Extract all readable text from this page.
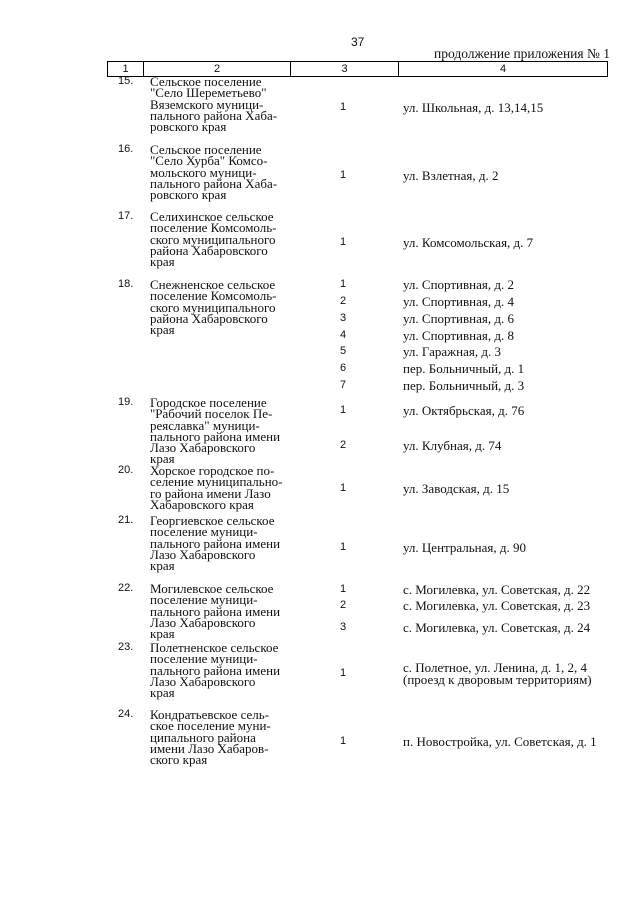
37
продолжение приложения № 1
1	2	3	4
15. Сельское поселение
"Село Шереметьево"
Вяземского муници-
пального района Хаба-
ровского края
1	ул. Школьная, д. 13,14,15
16. Сельское поселение
"Село Хурба" Комсо-
мольского муници-
пального района Хаба-
ровского края
1	ул. Взлетная, д. 2
17. Селихинское сельское
поселение Комсомоль-
ского муниципального
района Хабаровского
края
1	ул. Комсомольская, д. 7
18. Снежненское сельское
поселение Комсомоль-
ского муниципального
района Хабаровского
края
1	ул. Спортивная, д. 2
2	ул. Спортивная, д. 4
3	ул. Спортивная, д. 6
4	ул. Спортивная, д. 8
5	ул. Гаражная, д. 3
6	пер. Больничный, д. 1
7	пер. Больничный, д. 3
19. Городское поселение
"Рабочий поселок Пе-
реяславка" муници-
пального района имени
Лазо Хабаровского
края
1	ул. Октябрьская, д. 76
2	ул. Клубная, д. 74
20. Хорское городское по-
селение муниципально-
го района имени Лазо
Хабаровского края
1	ул. Заводская, д. 15
21. Георгиевское сельское
поселение муници-
пального района имени
Лазо Хабаровского
края
1	ул. Центральная, д. 90
22. Могилевское сельское
поселение муници-
пального района имени
Лазо Хабаровского
края
1	с. Могилевка, ул. Советская, д. 22
2	с. Могилевка, ул. Советская, д. 23
3	с. Могилевка, ул. Советская, д. 24
23. Полетненское сельское
поселение муници-
пального района имени
Лазо Хабаровского
края
1	с. Полетное, ул. Ленина, д. 1, 2, 4
(проезд к дворовым территориям)
24. Кондратьевское сель-
ское поселение муни-
ципального района
имени Лазо Хабаров-
ского края
1	п. Новостройка, ул. Советская, д. 1
